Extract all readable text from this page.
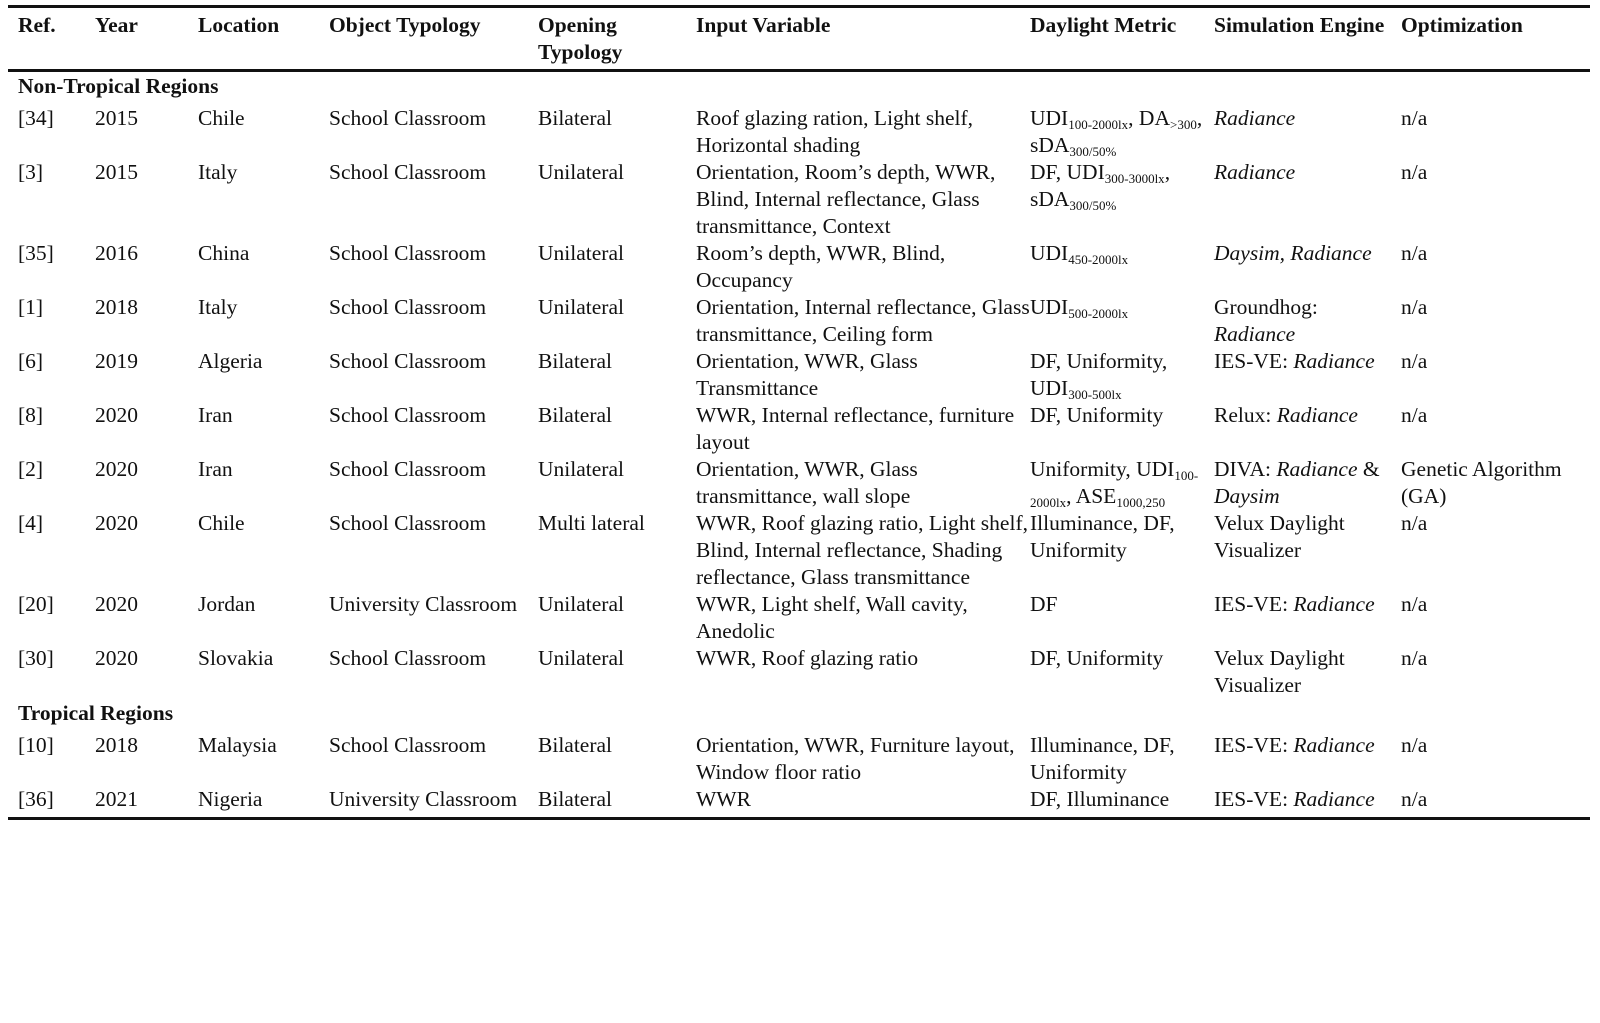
Ref.	Year	Location	Object Typology	Opening Typology	Input Variable	Daylight Metric	Simulation Engine	Optimization

Non-Tropical Regions								
[34]	2015	Chile	School Classroom	Bilateral	Roof glazing ration, Light shelf, Horizontal shading	$UDI_{100-2000lx}$, $DA_{>300}$, sDA$_{300/50\%}$	Radiance	n/a
[3]	2015	Italy	School Classroom	Unilateral	Orientation, Room’s depth, WWR, Blind, Internal reflectance, Glass transmittance, Context	DF, $UDI_{300-3000lx}$, sDA$_{300/50\%}$	Radiance	n/a
[35]	2016	China	School Classroom	Unilateral	Room’s depth, WWR, Blind, Occupancy	$UDI_{450-2000lx}$	Daysim, Radiance	n/a
[1]	2018	Italy	School Classroom	Unilateral	Orientation, Internal reflectance, Glass transmittance, Ceiling form	$UDI_{500-2000lx}$	Groundhog: Radiance	n/a
[6]	2019	Algeria	School Classroom	Bilateral	Orientation, WWR, Glass Transmittance	DF, Uniformity, $UDI_{300-500lx}$	IES-VE: Radiance	n/a
[8]	2020	Iran	School Classroom	Bilateral	WWR, Internal reflectance, furniture layout	DF, Uniformity	Relux: Radiance	n/a
[2]	2020	Iran	School Classroom	Unilateral	Orientation, WWR, Glass transmittance, wall slope	Uniformity, $UDI_{100-2000lx}$, $ASE_{1000,250}$	DIVA: Radiance & Daysim	Genetic Algorithm (GA)
[4]	2020	Chile	School Classroom	Multi lateral	WWR, Roof glazing ratio, Light shelf, Blind, Internal reflectance, Shading reflectance, Glass transmittance	Illuminance, DF, Uniformity	Velux Daylight Visualizer	n/a
[20]	2020	Jordan	University Classroom	Unilateral	WWR, Light shelf, Wall cavity, Anedolic	DF	IES-VE: Radiance	n/a
[30]	2020	Slovakia	School Classroom	Unilateral	WWR, Roof glazing ratio	DF, Uniformity	Velux Daylight Visualizer	n/a
Tropical Regions								
[10]	2018	Malaysia	School Classroom	Bilateral	Orientation, WWR, Furniture layout, Window floor ratio	Illuminance, DF, Uniformity	IES-VE: Radiance	n/a
[36]	2021	Nigeria	University Classroom	Bilateral	WWR	DF, Illuminance	IES-VE: Radiance	n/a
